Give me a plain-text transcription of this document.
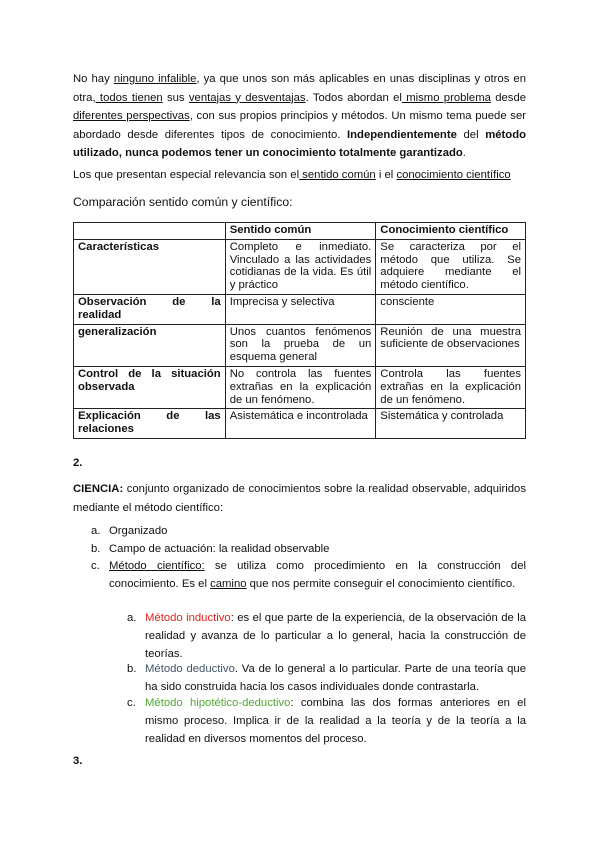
No hay ninguno infalible, ya que unos son más aplicables en unas disciplinas y otros en otra, todos tienen sus ventajas y desventajas. Todos abordan el mismo problema desde diferentes perspectivas, con sus propios principios y métodos. Un mismo tema puede ser abordado desde diferentes tipos de conocimiento. Independientemente del método utilizado, nunca podemos tener un conocimiento totalmente garantizado.

Los que presentan especial relevancia son el sentido común i el conocimiento científico

Comparación sentido común y científico:
	Sentido común	Conocimiento científico
Características	Completo e inmediato. Vinculado a las actividades cotidianas de la vida. Es útil y práctico	Se caracteriza por el método que utiliza. Se adquiere mediante el método científico.
Observación de la realidad	Imprecisa y selectiva	consciente
generalización	Unos cuantos fenómenos son la prueba de un esquema general	Reunión de una muestra suficiente de observaciones
Control de la situación observada	No controla las fuentes extrañas en la explicación de un fenómeno.	Controla las fuentes extrañas en la explicación de un fenómeno.
Explicación de las relaciones	Asistemática e incontrolada	Sistemática y controlada
2.

CIENCIA: conjunto organizado de conocimientos sobre la realidad observable, adquiridos mediante el método científico:

a. Organizado

b. Campo de actuación: la realidad observable

c. Método científico: se utiliza como procedimiento en la construcción del conocimiento. Es el camino que nos permite conseguir el conocimiento científico.

a. Método inductivo: es el que parte de la experiencia, de la observación de la realidad y avanza de lo particular a lo general, hacia la construcción de teorías.

b. Método deductivo. Va de lo general a lo particular. Parte de una teoría que ha sido construida hacia los casos individuales donde contrastarla.

c. Método hipotético-deductivo: combina las dos formas anteriores en el mismo proceso. Implica ir de la realidad a la teoría y de la teoría a la realidad en diversos momentos del proceso.

3.
